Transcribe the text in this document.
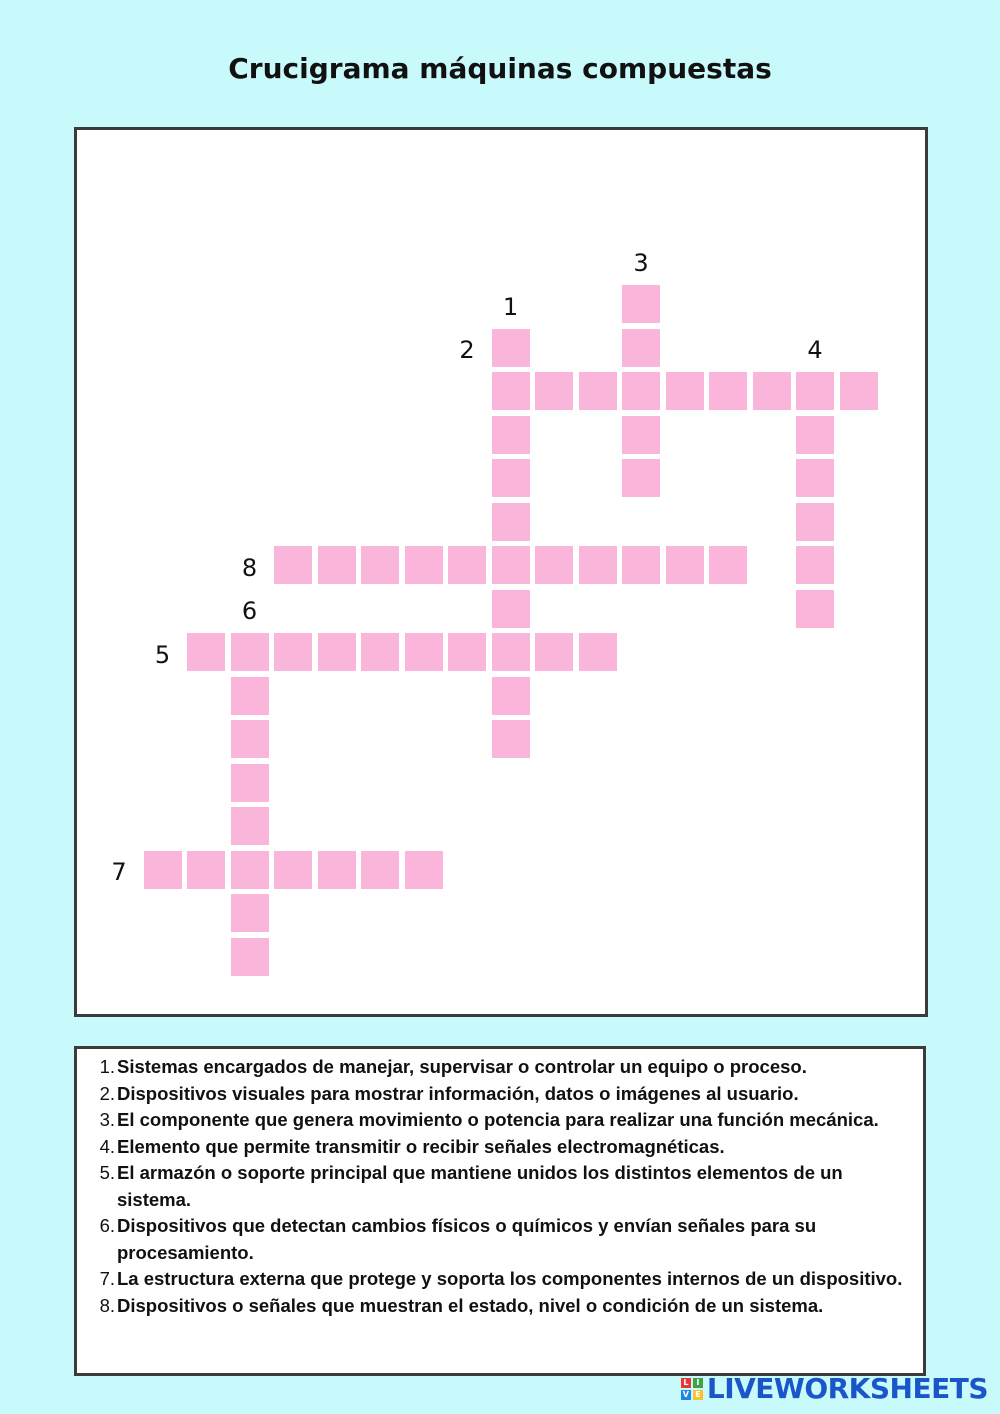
Crucigrama máquinas compuestas
1
2
3
4
5
6
7
8
1. Sistemas encargados de manejar, supervisar o controlar un equipo o proceso.
2. Dispositivos visuales para mostrar información, datos o imágenes al usuario.
3. El componente que genera movimiento o potencia para realizar una función mecánica.
4. Elemento que permite transmitir o recibir señales electromagnéticas.
5. El armazón o soporte principal que mantiene unidos los distintos elementos de un sistema.
6. Dispositivos que detectan cambios físicos o químicos y envían señales para su procesamiento.
7. La estructura externa que protege y soporta los componentes internos de un dispositivo.
8. Dispositivos o señales que muestran el estado, nivel o condición de un sistema.
L I
V E LIVEWORKSHEETS
